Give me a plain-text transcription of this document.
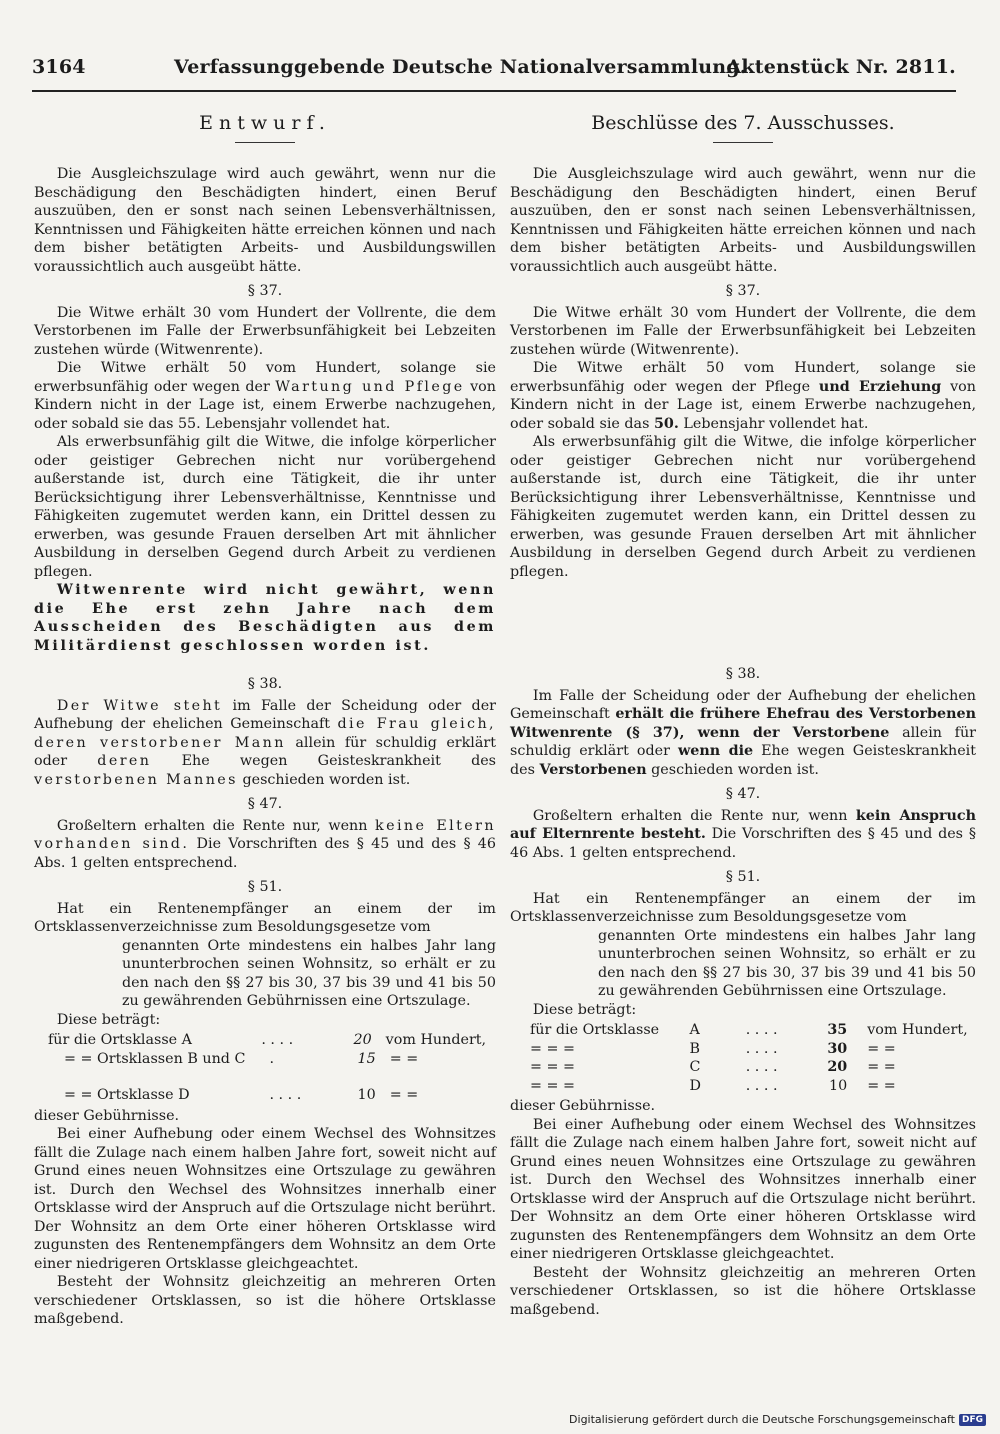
3164	Verfassunggebende Deutsche Nationalversammlung.
Aktenstück Nr. 2811.
Entwurf.

Die Ausgleichszulage wird auch gewährt, wenn nur die Beschädigung den Beschädigten hindert, einen Beruf auszuüben, den er sonst nach seinen Lebensverhältnissen, Kenntnissen und Fähigkeiten hätte erreichen können und nach dem bisher betätigten Arbeits- und Ausbildungswillen voraussichtlich auch ausgeübt hätte.

§ 37.

Die Witwe erhält 30 vom Hundert der Vollrente, die dem Verstorbenen im Falle der Erwerbsunfähigkeit bei Lebzeiten zustehen würde (Witwenrente).

Die Witwe erhält 50 vom Hundert, solange sie erwerbsunfähig oder wegen der Wartung und Pflege von Kindern nicht in der Lage ist, einem Erwerbe nachzugehen, oder sobald sie das 55. Lebensjahr vollendet hat.

Als erwerbsunfähig gilt die Witwe, die infolge körperlicher oder geistiger Gebrechen nicht nur vorübergehend außerstande ist, durch eine Tätigkeit, die ihr unter Berücksichtigung ihrer Lebensverhältnisse, Kenntnisse und Fähigkeiten zugemutet werden kann, ein Drittel dessen zu erwerben, was gesunde Frauen derselben Art mit ähnlicher Ausbildung in derselben Gegend durch Arbeit zu verdienen pflegen.

Witwenrente wird nicht gewährt, wenn die Ehe erst zehn Jahre nach dem Ausscheiden des Beschädigten aus dem Militärdienst geschlossen worden ist.

§ 38.

Der Witwe steht im Falle der Scheidung oder der Aufhebung der ehelichen Gemeinschaft die Frau gleich, deren verstorbener Mann allein für schuldig erklärt oder deren Ehe wegen Geisteskrankheit des verstorbenen Mannes geschieden worden ist.

§ 47.

Großeltern erhalten die Rente nur, wenn keine Eltern vorhanden sind. Die Vorschriften des § 45 und des § 46 Abs. 1 gelten entsprechend.

§ 51.

Hat ein Rentenempfänger an einem der im Ortsklassenverzeichnisse zum Besoldungsgesetze vom

genannten Orte mindestens ein halbes Jahr lang ununterbrochen seinen Wohnsitz, so erhält er zu den nach den §§ 27 bis 30, 37 bis 39 und 41 bis 50 zu gewährenden Gebührnissen eine Ortszulage.

Diese beträgt:

für die Ortsklasse A	. . . .	20 vom Hundert,
= = Ortsklassen B und C	.	15 = =
= = Ortsklasse D	. . . .	10 = =

dieser Gebührnisse.

Bei einer Aufhebung oder einem Wechsel des Wohnsitzes fällt die Zulage nach einem halben Jahre fort, soweit nicht auf Grund eines neuen Wohnsitzes eine Ortszulage zu gewähren ist. Durch den Wechsel des Wohnsitzes innerhalb einer Ortsklasse wird der Anspruch auf die Ortszulage nicht berührt. Der Wohnsitz an dem Orte einer höheren Ortsklasse wird zugunsten des Rentenempfängers dem Wohnsitz an dem Orte einer niedrigeren Ortsklasse gleichgeachtet.

Besteht der Wohnsitz gleichzeitig an mehreren Orten verschiedener Ortsklassen, so ist die höhere Ortsklasse maßgebend.

Beschlüsse des 7. Ausschusses.

Die Ausgleichszulage wird auch gewährt, wenn nur die Beschädigung den Beschädigten hindert, einen Beruf auszuüben, den er sonst nach seinen Lebensverhältnissen, Kenntnissen und Fähigkeiten hätte erreichen können und nach dem bisher betätigten Arbeits- und Ausbildungswillen voraussichtlich auch ausgeübt hätte.

§ 37.

Die Witwe erhält 30 vom Hundert der Vollrente, die dem Verstorbenen im Falle der Erwerbsunfähigkeit bei Lebzeiten zustehen würde (Witwenrente).

Die Witwe erhält 50 vom Hundert, solange sie erwerbsunfähig oder wegen der Pflege und Erziehung von Kindern nicht in der Lage ist, einem Erwerbe nachzugehen, oder sobald sie das 50. Lebensjahr vollendet hat.

Als erwerbsunfähig gilt die Witwe, die infolge körperlicher oder geistiger Gebrechen nicht nur vorübergehend außerstande ist, durch eine Tätigkeit, die ihr unter Berücksichtigung ihrer Lebensverhältnisse, Kenntnisse und Fähigkeiten zugemutet werden kann, ein Drittel dessen zu erwerben, was gesunde Frauen derselben Art mit ähnlicher Ausbildung in derselben Gegend durch Arbeit zu verdienen pflegen.

§ 38.

Im Falle der Scheidung oder der Aufhebung der ehelichen Gemeinschaft erhält die frühere Ehefrau des Verstorbenen Witwenrente (§ 37), wenn der Verstorbene allein für schuldig erklärt oder wenn die Ehe wegen Geisteskrankheit des Verstorbenen geschieden worden ist.

§ 47.

Großeltern erhalten die Rente nur, wenn kein Anspruch auf Elternrente besteht. Die Vorschriften des § 45 und des § 46 Abs. 1 gelten entsprechend.

§ 51.

Hat ein Rentenempfänger an einem der im Ortsklassenverzeichnisse zum Besoldungsgesetze vom

genannten Orte mindestens ein halbes Jahr lang ununterbrochen seinen Wohnsitz, so erhält er zu den nach den §§ 27 bis 30, 37 bis 39 und 41 bis 50 zu gewährenden Gebührnissen eine Ortszulage.

Diese beträgt:

für die Ortsklasse	A	. . . .	35	vom Hundert,
= = =	B	. . . .	30	= =
= = =	C	. . . .	20	= =
= = =	D	. . . .	10	= =

dieser Gebührnisse.

Bei einer Aufhebung oder einem Wechsel des Wohnsitzes fällt die Zulage nach einem halben Jahre fort, soweit nicht auf Grund eines neuen Wohnsitzes eine Ortszulage zu gewähren ist. Durch den Wechsel des Wohnsitzes innerhalb einer Ortsklasse wird der Anspruch auf die Ortszulage nicht berührt. Der Wohnsitz an dem Orte einer höheren Ortsklasse wird zugunsten des Rentenempfängers dem Wohnsitz an dem Orte einer niedrigeren Ortsklasse gleichgeachtet.

Besteht der Wohnsitz gleichzeitig an mehreren Orten verschiedener Ortsklassen, so ist die höhere Ortsklasse maßgebend.

Digitalisierung gefördert durch die Deutsche Forschungsgemeinschaft DFG
